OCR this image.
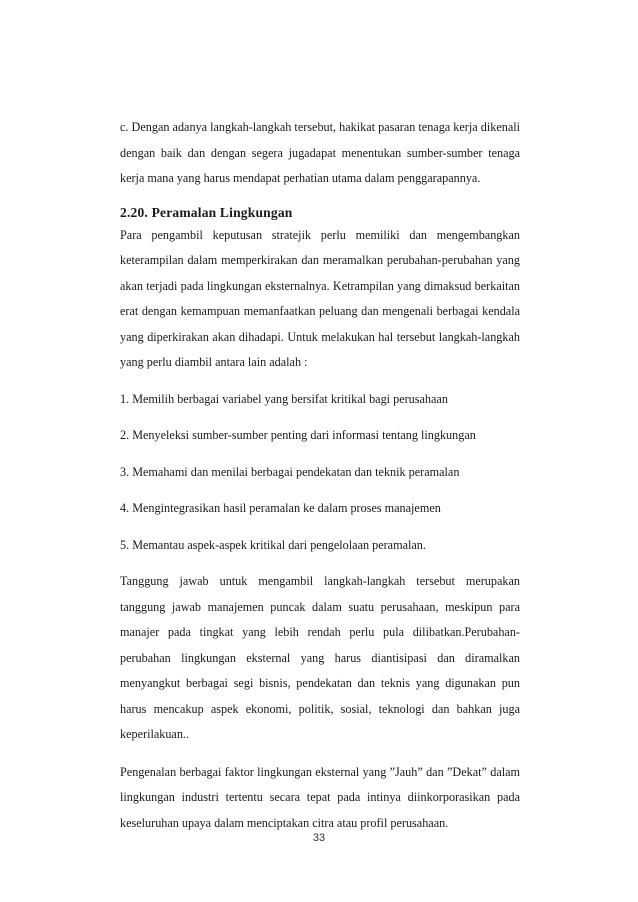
c. Dengan adanya langkah-langkah tersebut, hakikat pasaran tenaga kerja dikenali dengan baik dan dengan segera jugadapat menentukan sumber-sumber tenaga kerja mana yang harus mendapat perhatian utama dalam penggarapannya.

2.20. Peramalan Lingkungan

Para pengambil keputusan stratejik perlu memiliki dan mengembangkan keterampilan dalam memperkirakan dan meramalkan perubahan-perubahan yang akan terjadi pada lingkungan eksternalnya. Ketrampilan yang dimaksud berkaitan erat dengan kemampuan memanfaatkan peluang dan mengenali berbagai kendala yang diperkirakan akan dihadapi. Untuk melakukan hal tersebut langkah-langkah yang perlu diambil antara lain adalah :

1. Memilih berbagai variabel yang bersifat kritikal bagi perusahaan
2. Menyeleksi sumber-sumber penting dari informasi tentang lingkungan
3. Memahami dan menilai berbagai pendekatan dan teknik peramalan
4. Mengintegrasikan hasil peramalan ke dalam proses manajemen
5. Memantau aspek-aspek kritikal dari pengelolaan peramalan.

Tanggung jawab untuk mengambil langkah-langkah tersebut merupakan tanggung jawab manajemen puncak dalam suatu perusahaan, meskipun para manajer pada tingkat yang lebih rendah perlu pula dilibatkan.Perubahan-perubahan lingkungan eksternal yang harus diantisipasi dan diramalkan menyangkut berbagai segi bisnis, pendekatan dan teknis yang digunakan pun harus mencakup aspek ekonomi, politik, sosial, teknologi dan bahkan juga keperilakuan..

Pengenalan berbagai faktor lingkungan eksternal yang ”Jauh” dan ”Dekat” dalam lingkungan industri tertentu secara tepat pada intinya diinkorporasikan pada keseluruhan upaya dalam menciptakan citra atau profil perusahaan.

33
